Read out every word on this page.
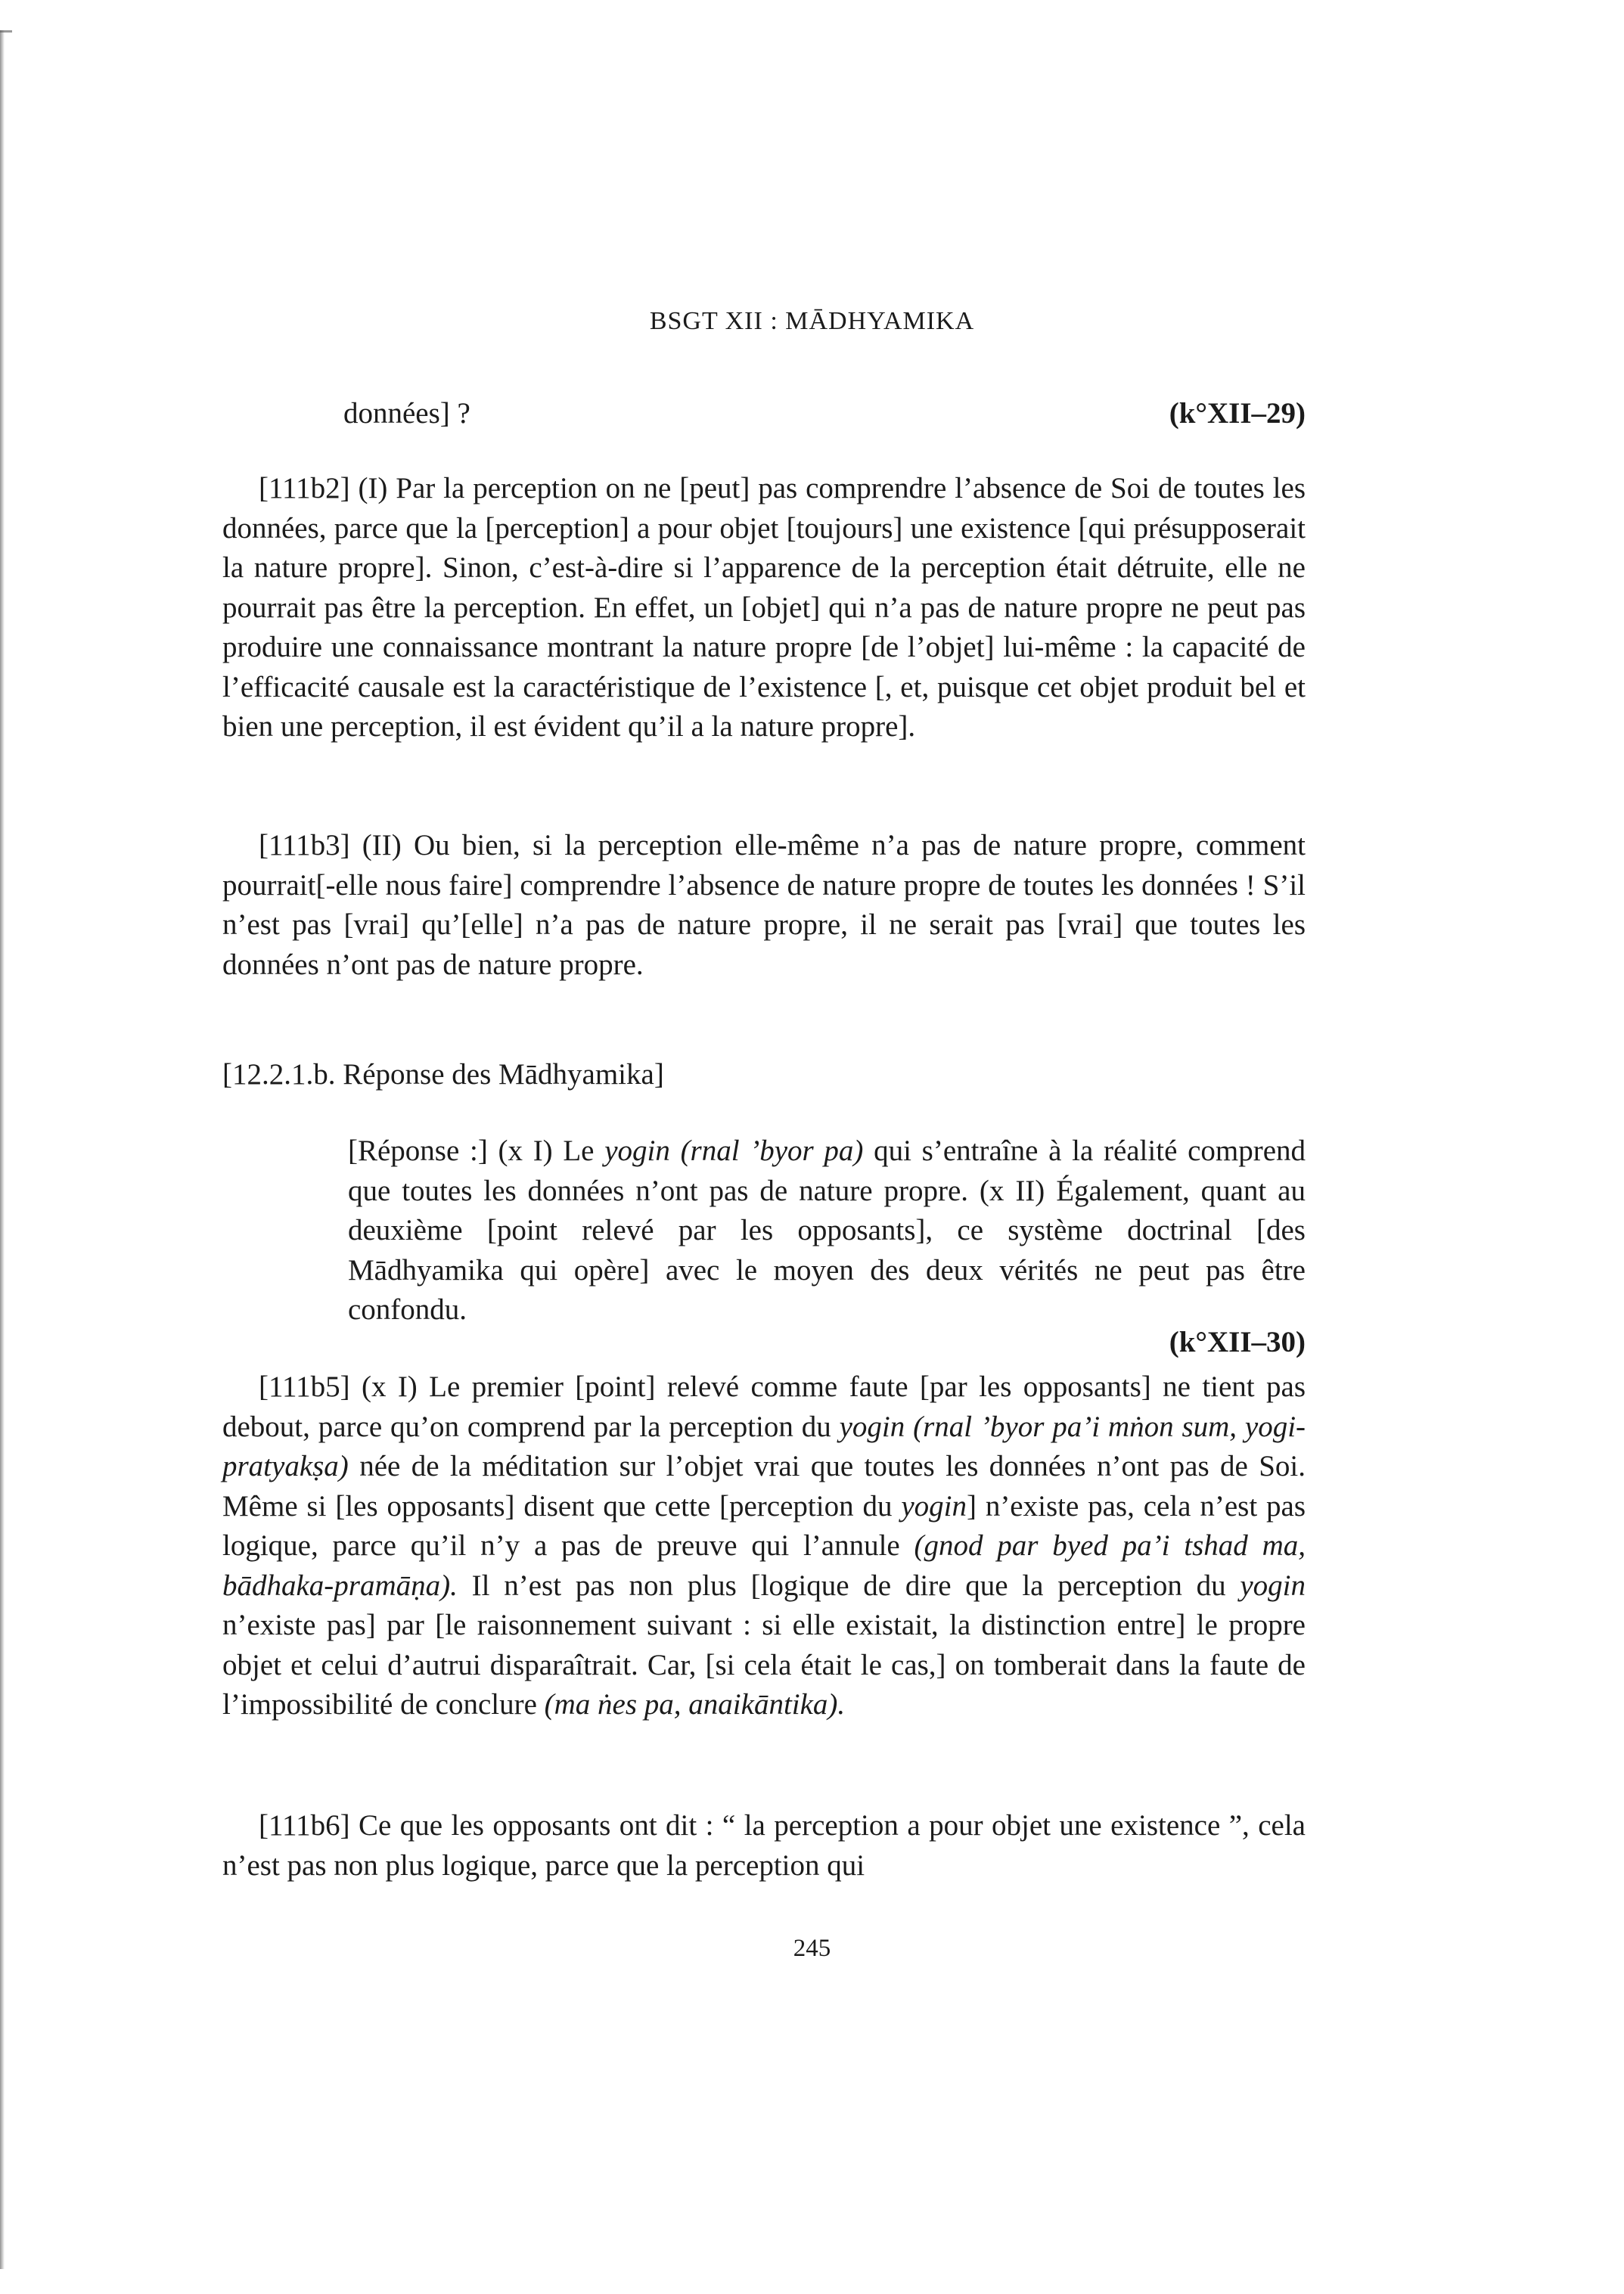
BSGT XII : MĀDHYAMIKA
données] ?	(k°XII–29)

[111b2] (I) Par la perception on ne [peut] pas comprendre l’absence de Soi de toutes les données, parce que la [perception] a pour objet [toujours] une existence [qui présupposerait la nature propre]. Sinon, c’est-à-dire si l’apparence de la perception était détruite, elle ne pourrait pas être la perception. En effet, un [objet] qui n’a pas de nature propre ne peut pas produire une connaissance montrant la nature propre [de l’objet] lui-même : la capacité de l’efficacité causale est la caractéristique de l’existence [, et, puisque cet objet produit bel et bien une perception, il est évident qu’il a la nature propre].

[111b3] (II) Ou bien, si la perception elle-même n’a pas de nature propre, comment pourrait[-elle nous faire] comprendre l’absence de nature propre de toutes les données ! S’il n’est pas [vrai] qu’[elle] n’a pas de nature propre, il ne serait pas [vrai] que toutes les données n’ont pas de nature propre.

[12.2.1.b. Réponse des Mādhyamika]

[Réponse :] (x I) Le yogin (rnal ’byor pa) qui s’entraîne à la réalité comprend que toutes les données n’ont pas de nature propre. (x II) Également, quant au deuxième [point relevé par les opposants], ce système doctrinal [des Mādhyamika qui opère] avec le moyen des deux vérités ne peut pas être confondu.

(k°XII–30)

[111b5] (x I) Le premier [point] relevé comme faute [par les opposants] ne tient pas debout, parce qu’on comprend par la perception du yogin (rnal ’byor pa’i mṅon sum, yogi-pratyakṣa) née de la méditation sur l’objet vrai que toutes les données n’ont pas de Soi. Même si [les opposants] disent que cette [perception du yogin] n’existe pas, cela n’est pas logique, parce qu’il n’y a pas de preuve qui l’annule (gnod par byed pa’i tshad ma, bādhaka-pramāṇa). Il n’est pas non plus [logique de dire que la perception du yogin n’existe pas] par [le raisonnement suivant : si elle existait, la distinction entre] le propre objet et celui d’autrui disparaîtrait. Car, [si cela était le cas,] on tomberait dans la faute de l’impossibilité de conclure (ma ṅes pa, anaikāntika).

[111b6] Ce que les opposants ont dit : “ la perception a pour objet une existence ”, cela n’est pas non plus logique, parce que la perception qui

245
